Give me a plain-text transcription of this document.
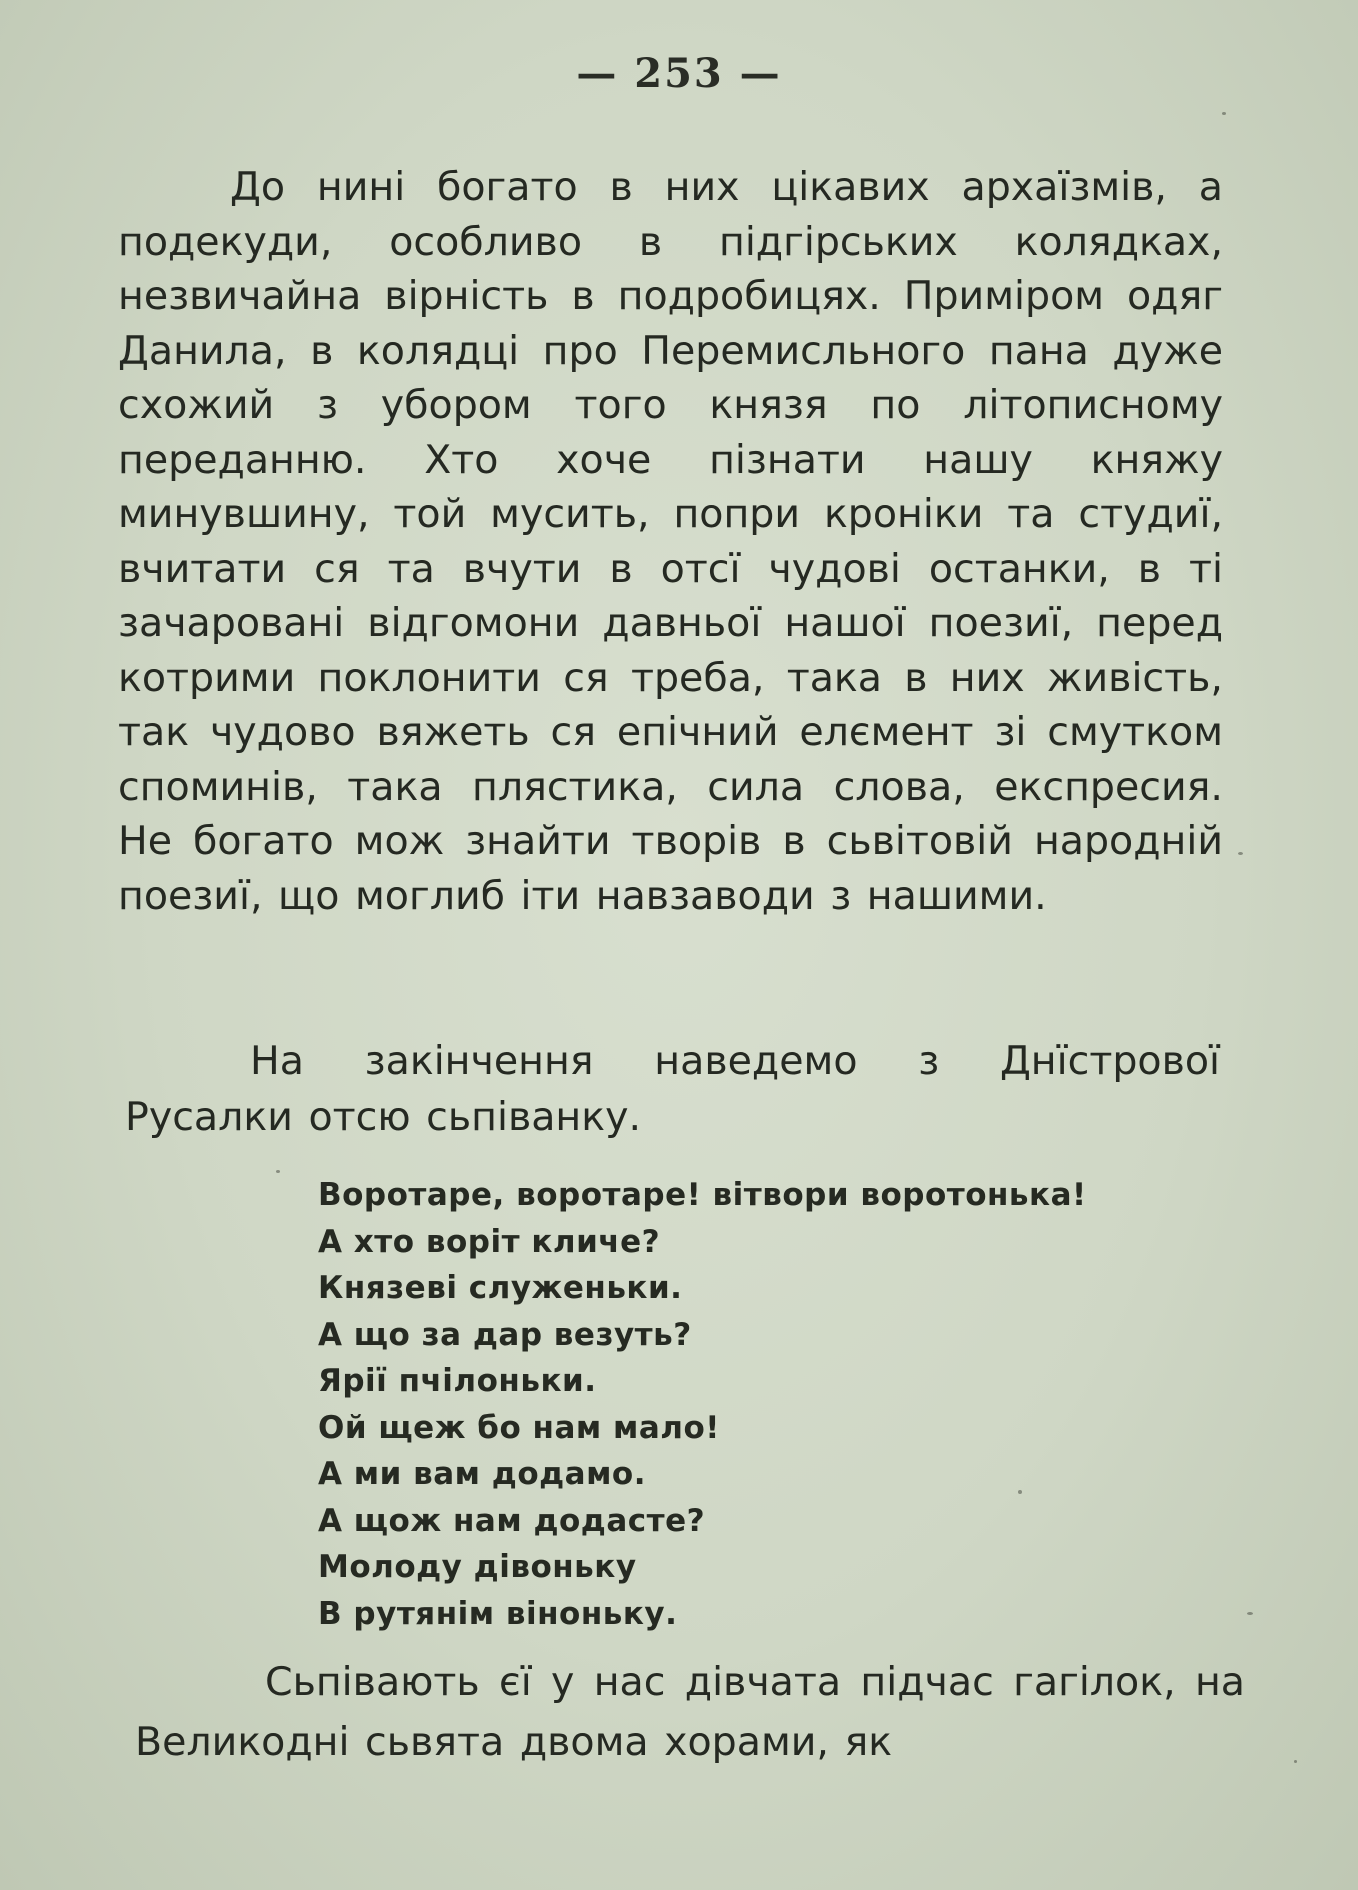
— 253 —

До нині богато в них цікавих архаїзмів, а подекуди, особливо в підгірських колядках, незвичайна вірність в подробицях. Приміром одяг Данила, в колядці про Перемисльного пана дуже схожий з убором того князя по літописному переданню. Хто хоче пізнати нашу княжу минувшину, той мусить, попри кроніки та студиї, вчитати ся та вчути в отсї чудові останки, в ті зачаровані відгомони давньої нашої поезиї, перед котрими поклонити ся треба, така в них живість, так чудово вяжеть ся епічний елємент зі смутком споминів, така плястика, сила слова, експресия. Не богато мож знайти творів в сьвітовій народній поезиї, що моглиб іти навзаводи з нашими.

На закінчення наведемо з Днїстрової Русалки отсю сьпіванку.

Воротаре, воротаре! вітвори воротонька!
А хто воріт кличе?
Князеві служеньки.
А що за дар везуть?
Ярії пчілоньки.
Ой щеж бо нам мало!
А ми вам додамо.
А щож нам додасте?
Молоду дівоньку
В рутянім віноньку.

Сьпівають єї у нас дівчата підчас гагілок, на Великодні сьвята двома хорами, як
